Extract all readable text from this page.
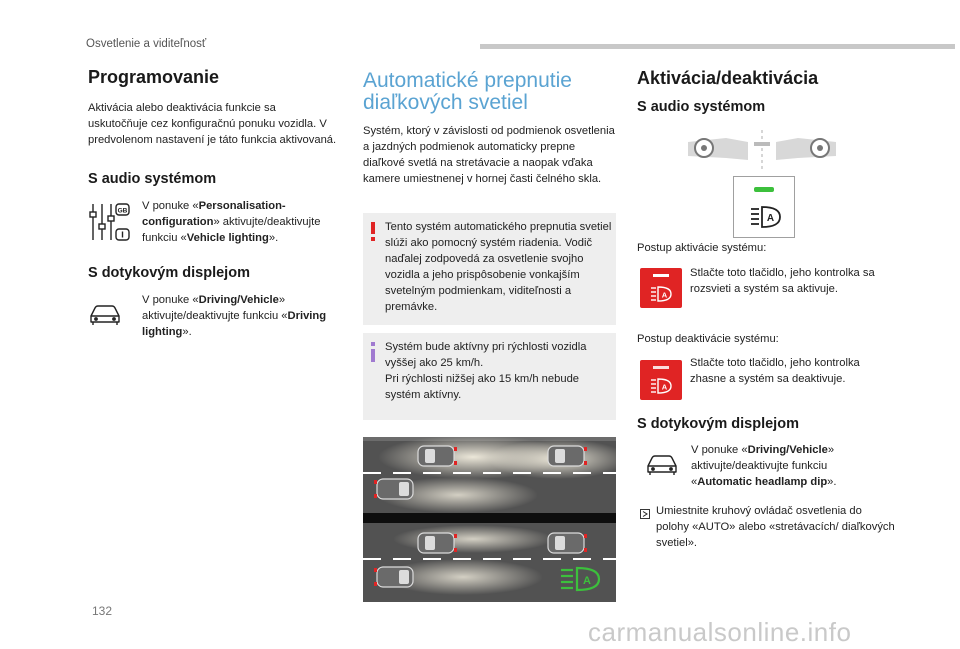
Osvetlenie a viditeľnosť
Programovanie
Aktivácia alebo deaktivácia funkcie sa uskutočňuje cez konfiguračnú ponuku vozidla. V predvolenom nastavení je táto funkcia aktivovaná.
S audio systémom
GB V ponuke «Personalisation-configuration» aktivujte/deaktivujte funkciu «Vehicle lighting».
S dotykovým displejom
V ponuke «Driving/Vehicle» aktivujte/deaktivujte funkciu «Driving lighting».
Automatické prepnutie
diaľkových svetiel
Systém, ktorý v závislosti od podmienok osvetlenia a jazdných podmienok automaticky prepne diaľkové svetlá na stretávacie a naopak vďaka kamere umiestnenej v hornej časti čelného skla.
Tento systém automatického prepnutia svetiel slúži ako pomocný systém riadenia. Vodič naďalej zodpovedá za osvetlenie svojho vozidla a jeho prispôsobenie vonkajším svetelným podmienkam, viditeľnosti a premávke.
Systém bude aktívny pri rýchlosti vozidla vyššej ako 25 km/h.
Pri rýchlosti nižšej ako 15 km/h nebude systém aktívny.
A
Aktivácia/deaktivácia
S audio systémom
A
Postup aktivácie systému:
A
Stlačte toto tlačidlo, jeho kontrolka sa rozsvieti a systém sa aktivuje.
Postup deaktivácie systému:
A
Stlačte toto tlačidlo, jeho kontrolka zhasne a systém sa deaktivuje.
S dotykovým displejom
V ponuke «Driving/Vehicle» aktivujte/deaktivujte funkciu «Automatic headlamp dip».
Umiestnite kruhový ovládač osvetlenia do polohy «AUTO» alebo «stretávacích/ diaľkových svetiel».
132
carmanualsonline.info
